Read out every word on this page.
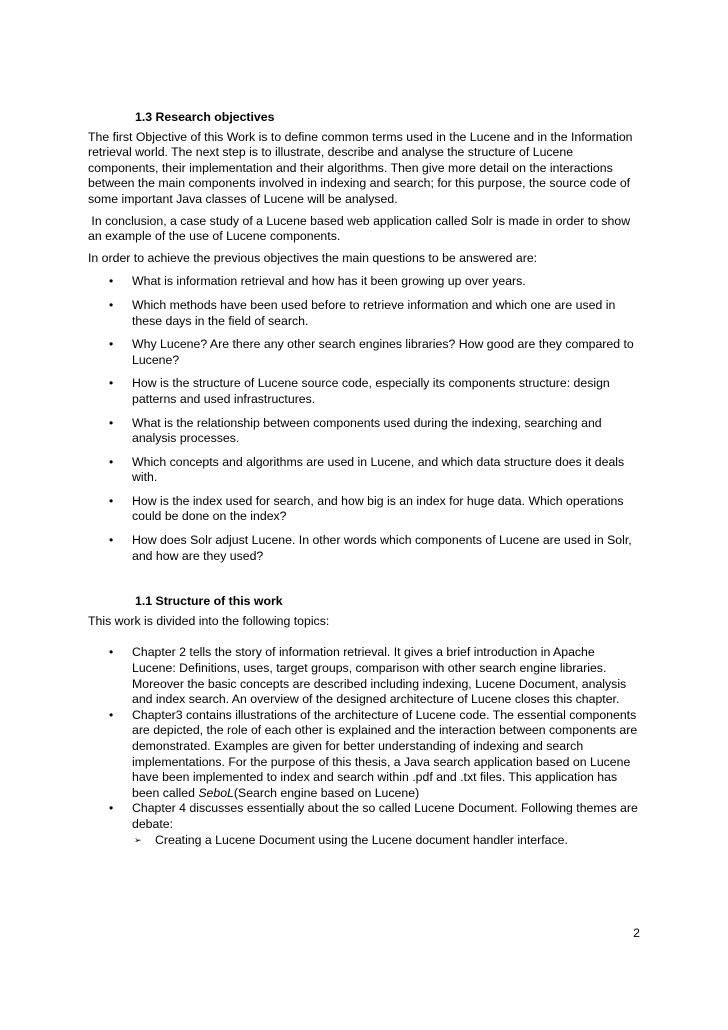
1.3 Research objectives

The first Objective of this Work is to define common terms used in the Lucene and in the Information retrieval world. The next step is to illustrate, describe and analyse the structure of Lucene components, their implementation and their algorithms. Then give more detail on the interactions between the main components involved in indexing and search; for this purpose, the source code of some important Java classes of Lucene will be analysed.

In conclusion, a case study of a Lucene based web application called Solr is made in order to show an example of the use of Lucene components.

In order to achieve the previous objectives the main questions to be answered are:

• What is information retrieval and how has it been growing up over years.
• Which methods have been used before to retrieve information and which one are used in these days in the field of search.
• Why Lucene? Are there any other search engines libraries? How good are they compared to Lucene?
• How is the structure of Lucene source code, especially its components structure: design patterns and used infrastructures.
• What is the relationship between components used during the indexing, searching and analysis processes.
• Which concepts and algorithms are used in Lucene, and which data structure does it deals with.
• How is the index used for search, and how big is an index for huge data. Which operations could be done on the index?
• How does Solr adjust Lucene. In other words which components of Lucene are used in Solr, and how are they used?
1.1 Structure of this work

This work is divided into the following topics:

• Chapter 2 tells the story of information retrieval. It gives a brief introduction in Apache Lucene: Definitions, uses, target groups, comparison with other search engine libraries. Moreover the basic concepts are described including indexing, Lucene Document, analysis and index search. An overview of the designed architecture of Lucene closes this chapter.
• Chapter3 contains illustrations of the architecture of Lucene code. The essential components are depicted, the role of each other is explained and the interaction between components are demonstrated. Examples are given for better understanding of indexing and search implementations. For the purpose of this thesis, a Java search application based on Lucene have been implemented to index and search within .pdf and .txt files. This application has been called SeboL(Search engine based on Lucene)
• Chapter 4 discusses essentially about the so called Lucene Document. Following themes are debate:
➢ Creating a Lucene Document using the Lucene document handler interface.
2
